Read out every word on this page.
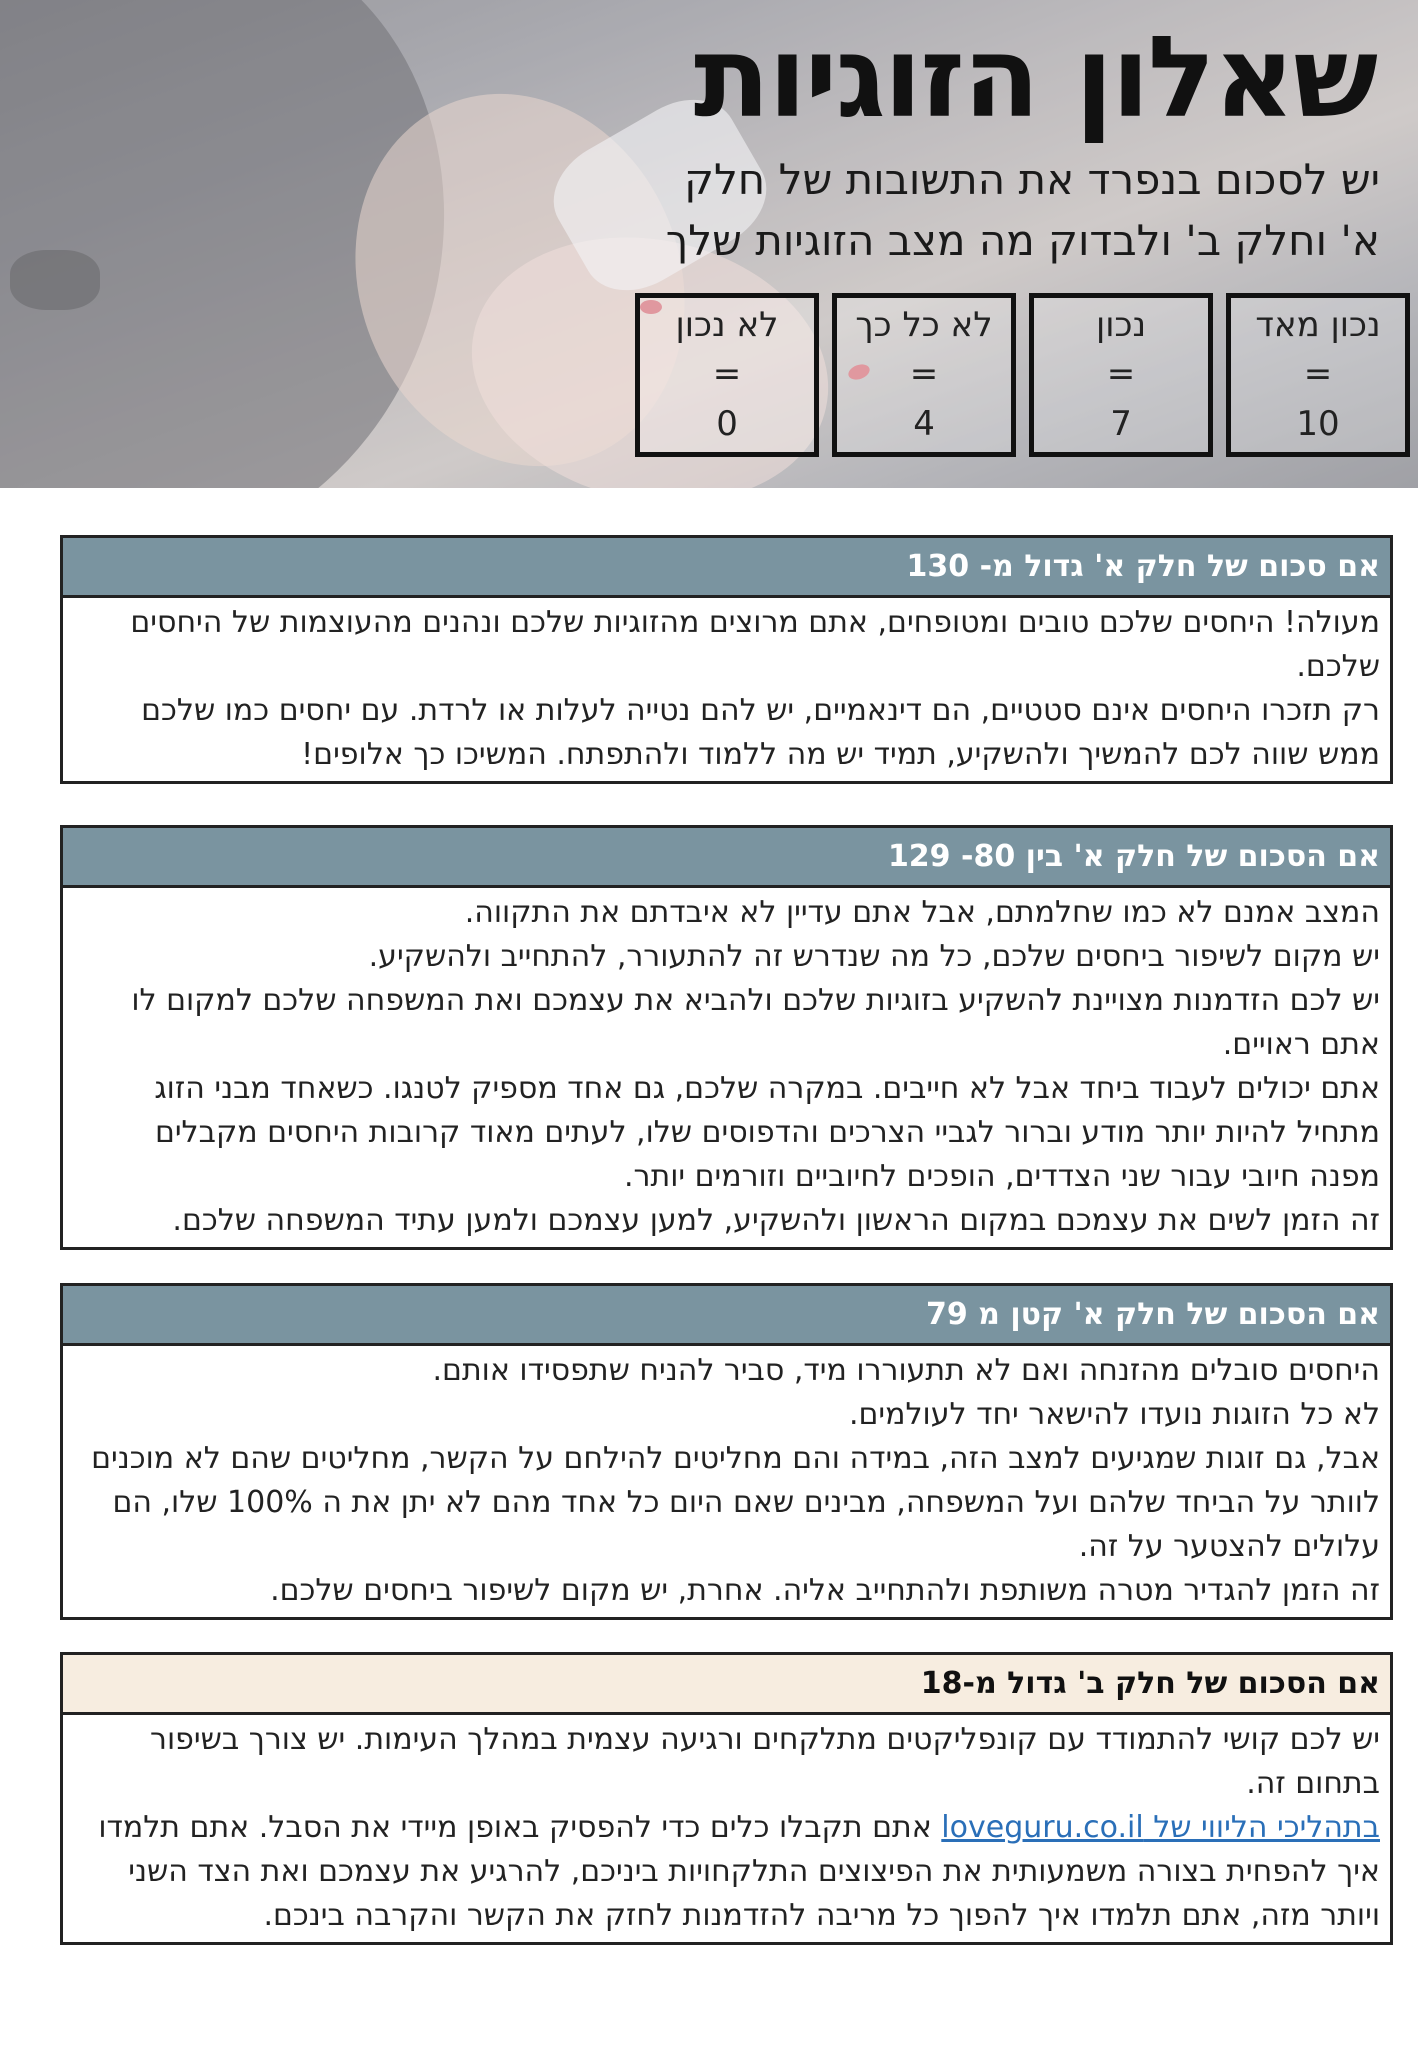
שאלון הזוגיות
יש לסכום בנפרד את התשובות של חלק
א' וחלק ב' ולבדוק מה מצב הזוגיות שלך
נכון מאד
=
10
נכון
=
7
לא כל כך
=
4
לא נכון
=
0
אם סכום של חלק א' גדול מ- 130

מעולה! היחסים שלכם טובים ומטופחים, אתם מרוצים מהזוגיות שלכם ונהנים מהעוצמות של היחסים שלכם.

רק תזכרו היחסים אינם סטטיים, הם דינאמיים, יש להם נטייה לעלות או לרדת. עם יחסים כמו שלכם ממש שווה לכם להמשיך ולהשקיע, תמיד יש מה ללמוד ולהתפתח. המשיכו כך אלופים!

אם הסכום של חלק א' בין 80- 129

המצב אמנם לא כמו שחלמתם, אבל אתם עדיין לא איבדתם את התקווה.

יש מקום לשיפור ביחסים שלכם, כל מה שנדרש זה להתעורר, להתחייב ולהשקיע.

יש לכם הזדמנות מצויינת להשקיע בזוגיות שלכם ולהביא את עצמכם ואת המשפחה שלכם למקום לו אתם ראויים.

אתם יכולים לעבוד ביחד אבל לא חייבים. במקרה שלכם, גם אחד מספיק לטנגו. כשאחד מבני הזוג מתחיל להיות יותר מודע וברור לגביי הצרכים והדפוסים שלו, לעתים מאוד קרובות היחסים מקבלים מפנה חיובי עבור שני הצדדים, הופכים לחיוביים וזורמים יותר.

זה הזמן לשים את עצמכם במקום הראשון ולהשקיע, למען עצמכם ולמען עתיד המשפחה שלכם.

אם הסכום של חלק א' קטן מ 79

היחסים סובלים מהזנחה ואם לא תתעוררו מיד, סביר להניח שתפסידו אותם.

לא כל הזוגות נועדו להישאר יחד לעולמים.

אבל, גם זוגות שמגיעים למצב הזה, במידה והם מחליטים להילחם על הקשר, מחליטים שהם לא מוכנים לוותר על הביחד שלהם ועל המשפחה, מבינים שאם היום כל אחד מהם לא יתן את ה 100% שלו, הם עלולים להצטער על זה.

זה הזמן להגדיר מטרה משותפת ולהתחייב אליה. אחרת, יש מקום לשיפור ביחסים שלכם.

אם הסכום של חלק ב' גדול מ-18

יש לכם קושי להתמודד עם קונפליקטים מתלקחים ורגיעה עצמית במהלך העימות. יש צורך בשיפור בתחום זה.

בתהליכי הליווי של loveguru.co.il אתם תקבלו כלים כדי להפסיק באופן מיידי את הסבל. אתם תלמדו איך להפחית בצורה משמעותית את הפיצוצים התלקחויות ביניכם, להרגיע את עצמכם ואת הצד השני ויותר מזה, אתם תלמדו איך להפוך כל מריבה להזדמנות לחזק את הקשר והקרבה בינכם.
